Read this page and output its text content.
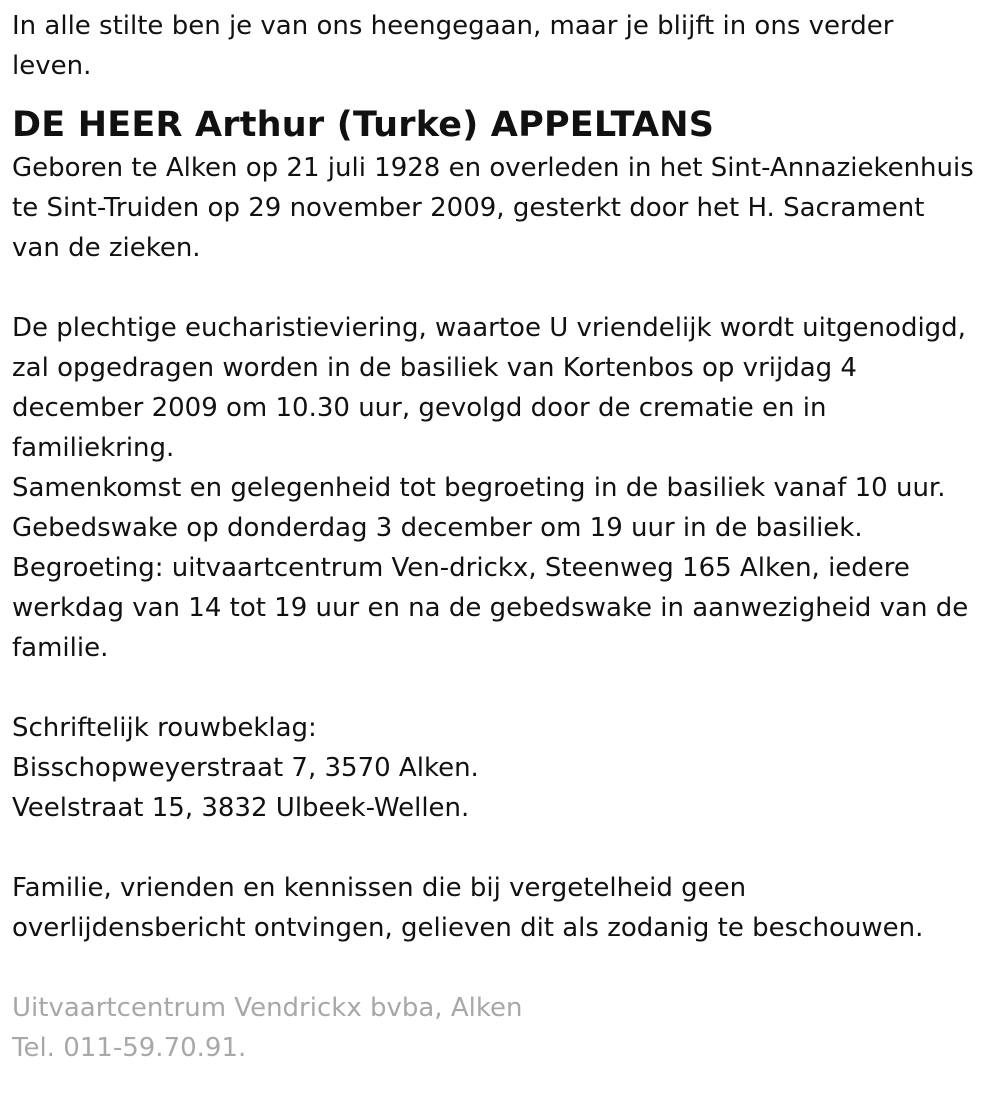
In alle stilte ben je van ons heengegaan, maar je blijft in ons verder
leven.

DE HEER Arthur (Turke) APPELTANS

Geboren te Alken op 21 juli 1928 en overleden in het Sint-Annaziekenhuis
te Sint-Truiden op 29 november 2009, gesterkt door het H. Sacrament
van de zieken.

De plechtige eucharistieviering, waartoe U vriendelijk wordt uitgenodigd,
zal opgedragen worden in de basiliek van Kortenbos op vrijdag 4
december 2009 om 10.30 uur, gevolgd door de crematie en in
familiekring.
Samenkomst en gelegenheid tot begroeting in de basiliek vanaf 10 uur.
Gebedswake op donderdag 3 december om 19 uur in de basiliek.
Begroeting: uitvaartcentrum Ven-drickx, Steenweg 165 Alken, iedere
werkdag van 14 tot 19 uur en na de gebedswake in aanwezigheid van de
familie.

Schriftelijk rouwbeklag:
Bisschopweyerstraat 7, 3570 Alken.
Veelstraat 15, 3832 Ulbeek-Wellen.

Familie, vrienden en kennissen die bij vergetelheid geen
overlijdensbericht ontvingen, gelieven dit als zodanig te beschouwen.

Uitvaartcentrum Vendrickx bvba, Alken
Tel. 011-59.70.91.
